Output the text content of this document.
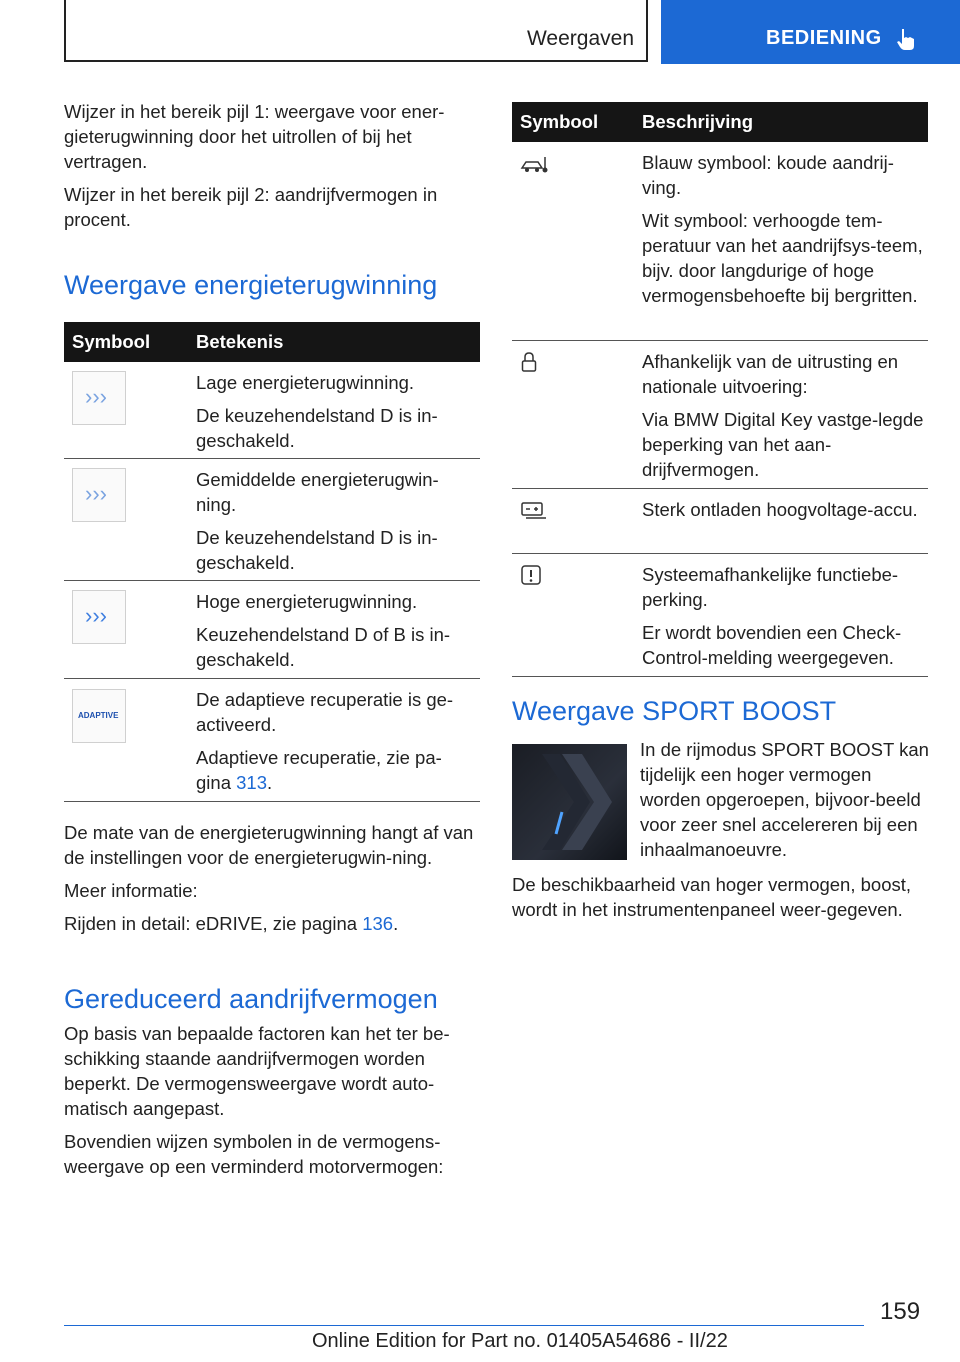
Weergaven	BEDIENING

Wijzer in het bereik pijl 1: weergave voor ener-gieterugwinning door het uitrollen of bij het vertragen.

Wijzer in het bereik pijl 2: aandrijfvermogen in procent.

Weergave energieterugwinning
Symbool Betekenis
›››

Lage energieterugwinning.

De keuzehendelstand D is in-geschakeld.

›››

Gemiddelde energieterugwin-ning.

De keuzehendelstand D is in-geschakeld.

›››

Hoge energieterugwinning.

Keuzehendelstand D of B is in-geschakeld.

ADAPTIVE

De adaptieve recuperatie is ge-activeerd.

Adaptieve recuperatie, zie pa-gina 313.

De mate van de energieterugwinning hangt af van de instellingen voor de energieterugwin-ning.

Meer informatie:

Rijden in detail: eDRIVE, zie pagina 136.

Gereduceerd aandrijfvermogen

Op basis van bepaalde factoren kan het ter be-schikking staande aandrijfvermogen worden beperkt. De vermogensweergave wordt auto-matisch aangepast.

Bovendien wijzen symbolen in de vermogens-weergave op een verminderd motorvermogen:

Symbool Beschrijving

Blauw symbool: koude aandrij-ving.

Wit symbool: verhoogde tem-peratuur van het aandrijfsys-teem, bijv. door langdurige of hoge vermogensbehoefte bij bergritten.

Afhankelijk van de uitrusting en nationale uitvoering:

Via BMW Digital Key vastge-legde beperking van het aan-drijfvermogen.

Sterk ontladen hoogvoltage-accu.

Systeemafhankelijke functiebe-perking.

Er wordt bovendien een Check-Control-melding weergegeven.

Weergave SPORT BOOST

In de rijmodus SPORT BOOST kan tijdelijk een hoger vermogen worden opgeroepen, bijvoor-beeld voor zeer snel accelereren bij een inhaalmanoeuvre.

De beschikbaarheid van hoger vermogen, boost, wordt in het instrumentenpaneel weer-gegeven.

159
Online Edition for Part no. 01405A54686 - II/22
